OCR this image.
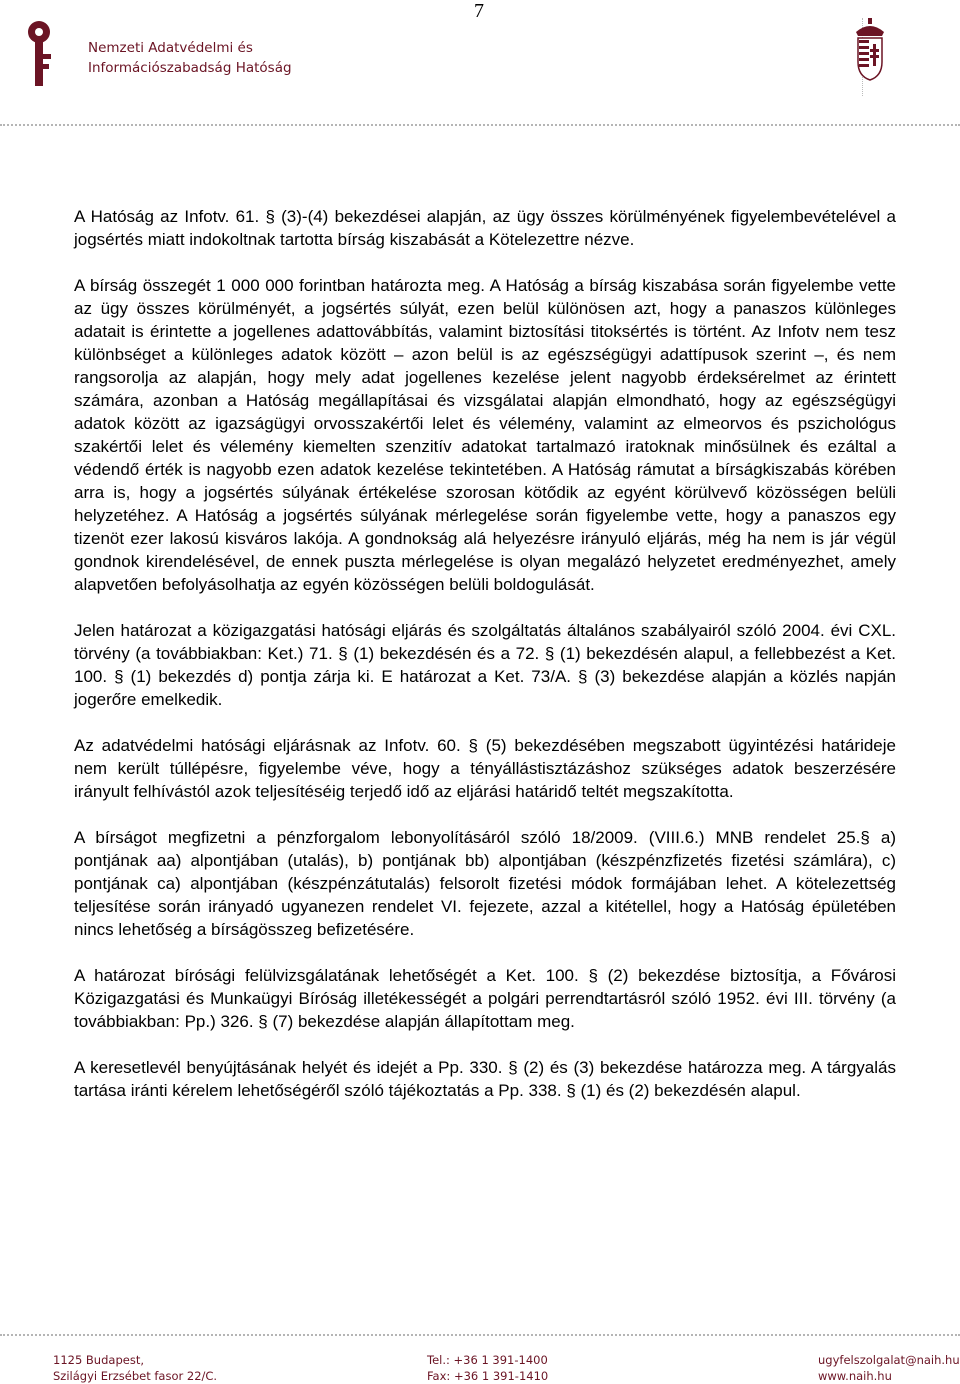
7
Nemzeti Adatvédelmi és
Információszabadság Hatóság

A Hatóság az Infotv. 61. § (3)-(4) bekezdései alapján, az ügy összes körülményének figyelembevételével a jogsértés miatt indokoltnak tartotta bírság kiszabását a Kötelezettre nézve.

A bírság összegét 1 000 000 forintban határozta meg. A Hatóság a bírság kiszabása során figyelembe vette az ügy összes körülményét, a jogsértés súlyát, ezen belül különösen azt, hogy a panaszos különleges adatait is érintette a jogellenes adattovábbítás, valamint biztosítási titoksértés is történt. Az Infotv nem tesz különbséget a különleges adatok között – azon belül is az egészségügyi adattípusok szerint –, és nem rangsorolja az alapján, hogy mely adat jogellenes kezelése jelent nagyobb érdeksérelmet az érintett számára, azonban a Hatóság megállapításai és vizsgálatai alapján elmondható, hogy az egészségügyi adatok között az igazságügyi orvosszakértői lelet és vélemény, valamint az elmeorvos és pszichológus szakértői lelet és vélemény kiemelten szenzitív adatokat tartalmazó iratoknak minősülnek és ezáltal a védendő érték is nagyobb ezen adatok kezelése tekintetében. A Hatóság rámutat a bírságkiszabás körében arra is, hogy a jogsértés súlyának értékelése szorosan kötődik az egyént körülvevő közösségen belüli helyzetéhez. A Hatóság a jogsértés súlyának mérlegelése során figyelembe vette, hogy a panaszos egy tizenöt ezer lakosú kisváros lakója. A gondnokság alá helyezésre irányuló eljárás, még ha nem is jár végül gondnok kirendelésével, de ennek puszta mérlegelése is olyan megalázó helyzetet eredményezhet, amely alapvetően befolyásolhatja az egyén közösségen belüli boldogulását.

Jelen határozat a közigazgatási hatósági eljárás és szolgáltatás általános szabályairól szóló 2004. évi CXL. törvény (a továbbiakban: Ket.) 71. § (1) bekezdésén és a 72. § (1) bekezdésén alapul, a fellebbezést a Ket. 100. § (1) bekezdés d) pontja zárja ki. E határozat a Ket. 73/A. § (3) bekezdése alapján a közlés napján jogerőre emelkedik.

Az adatvédelmi hatósági eljárásnak az Infotv. 60. § (5) bekezdésében megszabott ügyintézési határideje nem került túllépésre, figyelembe véve, hogy a tényállástisztázáshoz szükséges adatok beszerzésére irányult felhívástól azok teljesítéséig terjedő idő az eljárási határidő teltét megszakította.

A bírságot megfizetni a pénzforgalom lebonyolításáról szóló 18/2009. (VIII.6.) MNB rendelet 25.§ a) pontjának aa) alpontjában (utalás), b) pontjának bb) alpontjában (készpénzfizetés fizetési számlára), c) pontjának ca) alpontjában (készpénzátutalás) felsorolt fizetési módok formájában lehet. A kötelezettség teljesítése során irányadó ugyanezen rendelet VI. fejezete, azzal a kitétellel, hogy a Hatóság épületében nincs lehetőség a bírságösszeg befizetésére.

A határozat bírósági felülvizsgálatának lehetőségét a Ket. 100. § (2) bekezdése biztosítja, a Fővárosi Közigazgatási és Munkaügyi Bíróság illetékességét a polgári perrendtartásról szóló 1952. évi III. törvény (a továbbiakban: Pp.) 326. § (7) bekezdése alapján állapítottam meg.

A keresetlevél benyújtásának helyét és idejét a Pp. 330. § (2) és (3) bekezdése határozza meg. A tárgyalás tartása iránti kérelem lehetőségéről szóló tájékoztatás a Pp. 338. § (1) és (2) bekezdésén alapul.

1125 Budapest,
Szilágyi Erzsébet fasor 22/C.
Tel.: +36 1 391-1400
Fax: +36 1 391-1410
ugyfelszolgalat@naih.hu
www.naih.hu
